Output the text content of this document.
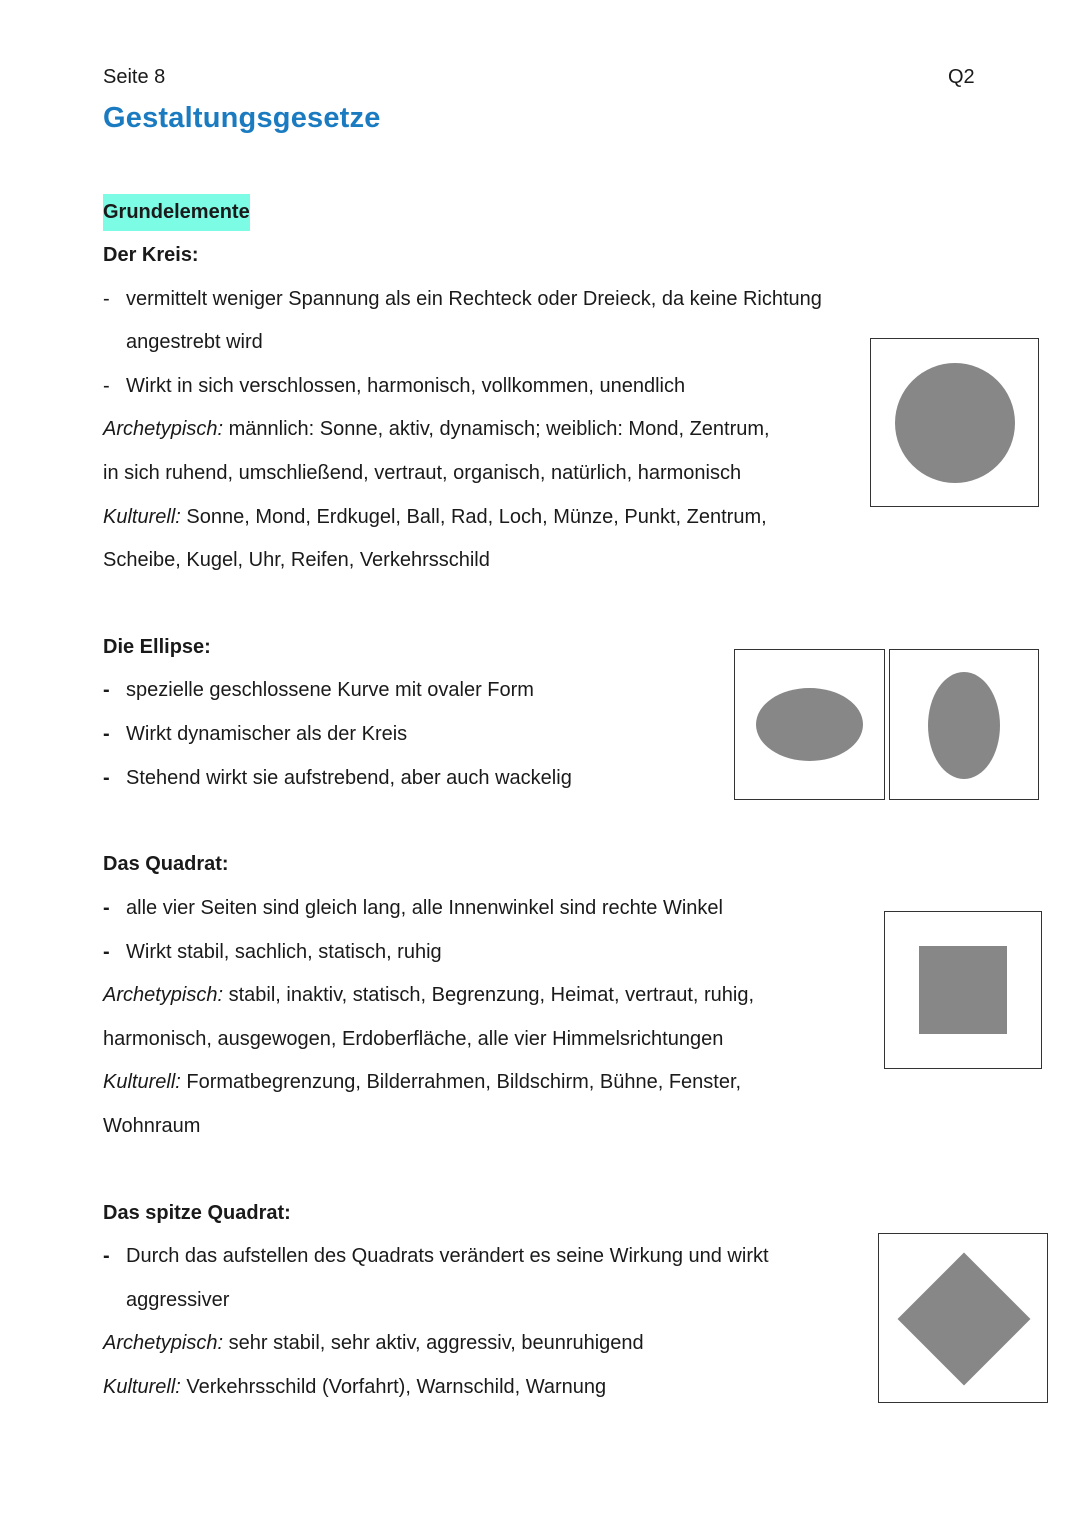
Seite 8	Q2
Gestaltungsgesetze
Grundelemente
Der Kreis:
- vermittelt weniger Spannung als ein Rechteck oder Dreieck, da keine Richtung
angestrebt wird
- Wirkt in sich verschlossen, harmonisch, vollkommen, unendlich
Archetypisch: männlich: Sonne, aktiv, dynamisch; weiblich: Mond, Zentrum,
in sich ruhend, umschließend, vertraut, organisch, natürlich, harmonisch
Kulturell: Sonne, Mond, Erdkugel, Ball, Rad, Loch, Münze, Punkt, Zentrum,
Scheibe, Kugel, Uhr, Reifen, Verkehrsschild
Die Ellipse:
- spezielle geschlossene Kurve mit ovaler Form
- Wirkt dynamischer als der Kreis
- Stehend wirkt sie aufstrebend, aber auch wackelig
Das Quadrat:
- alle vier Seiten sind gleich lang, alle Innenwinkel sind rechte Winkel
- Wirkt stabil, sachlich, statisch, ruhig
Archetypisch: stabil, inaktiv, statisch, Begrenzung, Heimat, vertraut, ruhig,
harmonisch, ausgewogen, Erdoberfläche, alle vier Himmelsrichtungen
Kulturell: Formatbegrenzung, Bilderrahmen, Bildschirm, Bühne, Fenster,
Wohnraum
Das spitze Quadrat:
- Durch das aufstellen des Quadrats verändert es seine Wirkung und wirkt
aggressiver
Archetypisch: sehr stabil, sehr aktiv, aggressiv, beunruhigend
Kulturell: Verkehrsschild (Vorfahrt), Warnschild, Warnung
